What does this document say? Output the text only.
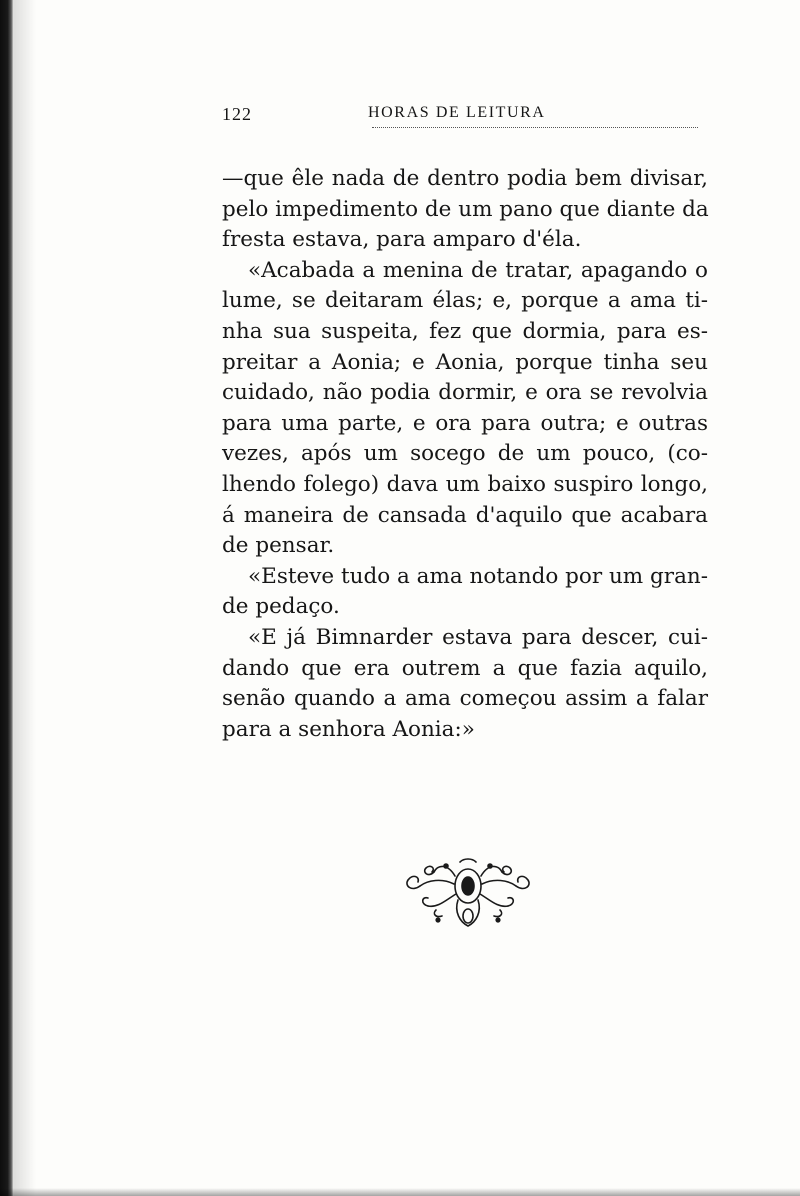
122	HORAS DE LEITURA
—que êle nada de dentro podia bem divisar,
pelo impedimento de um pano que diante da
fresta estava, para amparo d'éla.
«Acabada a menina de tratar, apagando o
lume, se deitaram élas; e, porque a ama ti-
nha sua suspeita, fez que dormia, para es-
preitar a Aonia; e Aonia, porque tinha seu
cuidado, não podia dormir, e ora se revolvia
para uma parte, e ora para outra; e outras
vezes, após um socego de um pouco, (co-
lhendo folego) dava um baixo suspiro longo,
á maneira de cansada d'aquilo que acabara
de pensar.
«Esteve tudo a ama notando por um gran-
de pedaço.
«E já Bimnarder estava para descer, cui-
dando que era outrem a que fazia aquilo,
senão quando a ama começou assim a falar
para a senhora Aonia:»
